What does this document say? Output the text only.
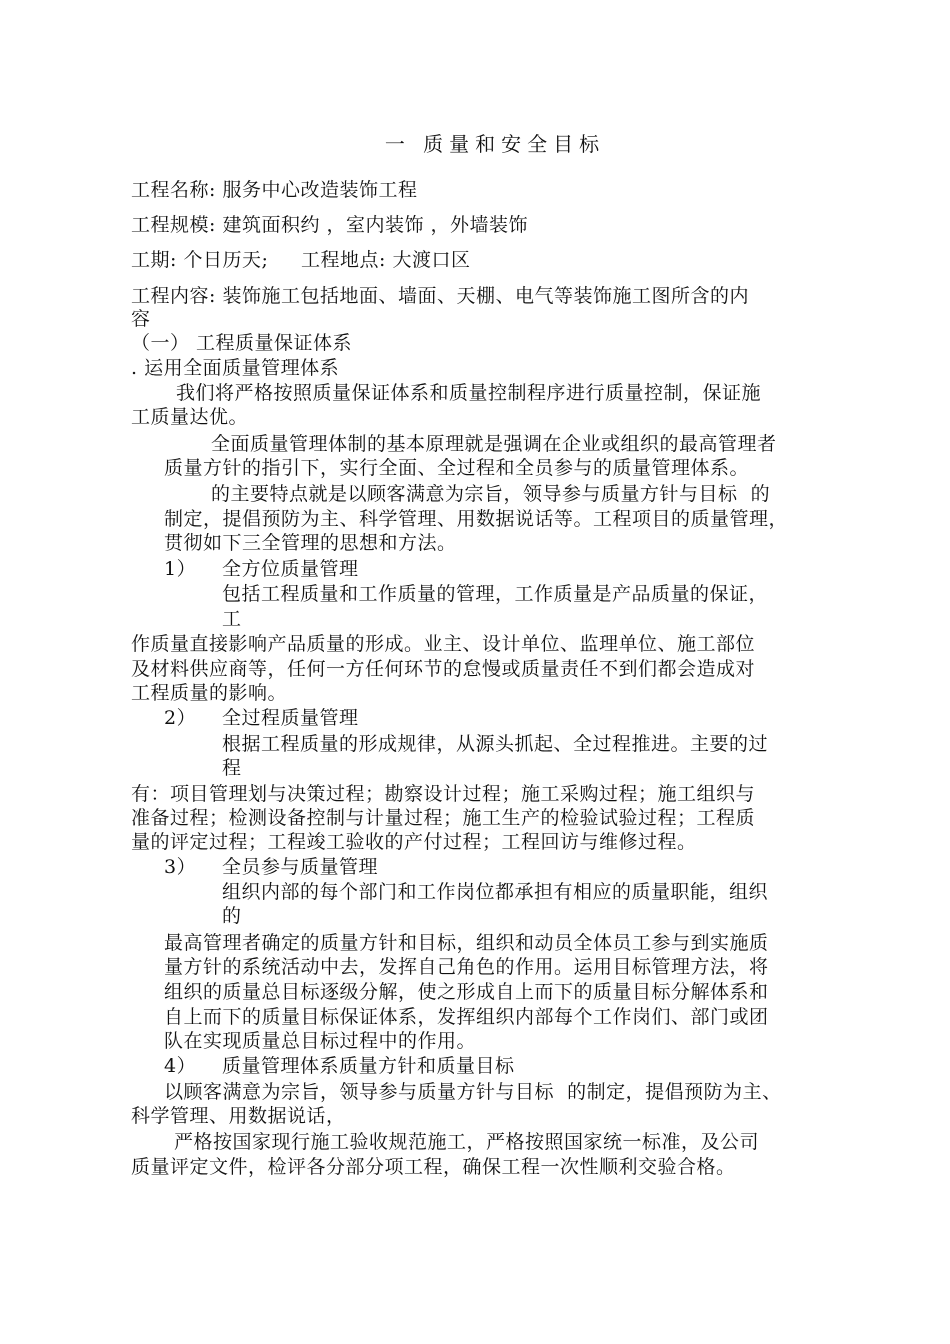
一 质量和安全目标
工程名称: 服务中心改造装饰工程
工程规模: 建筑面积约 ，室内装饰 ，外墙装饰
工期: 个日历天;     工程地点: 大渡口区
工程内容: 装饰施工包括地面、墙面、天棚、电气等装饰施工图所含的内
容
（一） 工程质量保证体系
. 运用全面质量管理体系
我们将严格按照质量保证体系和质量控制程序进行质量控制，保证施
工质量达优。
全面质量管理体制的基本原理就是强调在企业或组织的最高管理者
质量方针的指引下，实行全面、全过程和全员参与的质量管理体系。
的主要特点就是以顾客满意为宗旨，领导参与质量方针与目标  的
制定，提倡预防为主、科学管理、用数据说话等。工程项目的质量管理，
贯彻如下三全管理的思想和方法。
1） 全方位质量管理
包括工程质量和工作质量的管理，工作质量是产品质量的保证，
工
作质量直接影响产品质量的形成。业主、设计单位、监理单位、施工部位
及材料供应商等，任何一方任何环节的怠慢或质量责任不到们都会造成对
工程质量的影响。
2） 全过程质量管理
根据工程质量的形成规律，从源头抓起、全过程推进。主要的过
程
有：项目管理划与决策过程；勘察设计过程；施工采购过程；施工组织与
准备过程；检测设备控制与计量过程；施工生产的检验试验过程；工程质
量的评定过程；工程竣工验收的产付过程；工程回访与维修过程。
3） 全员参与质量管理
组织内部的每个部门和工作岗位都承担有相应的质量职能，组织
的
最高管理者确定的质量方针和目标，组织和动员全体员工参与到实施质
量方针的系统活动中去，发挥自己角色的作用。运用目标管理方法，将
组织的质量总目标逐级分解，使之形成自上而下的质量目标分解体系和
自上而下的质量目标保证体系，发挥组织内部每个工作岗们、部门或团
队在实现质量总目标过程中的作用。
4） 质量管理体系质量方针和质量目标
以顾客满意为宗旨，领导参与质量方针与目标  的制定，提倡预防为主、
科学管理、用数据说话，
严格按国家现行施工验收规范施工，严格按照国家统一标准，及公司
质量评定文件，检评各分部分项工程，确保工程一次性顺利交验合格。
